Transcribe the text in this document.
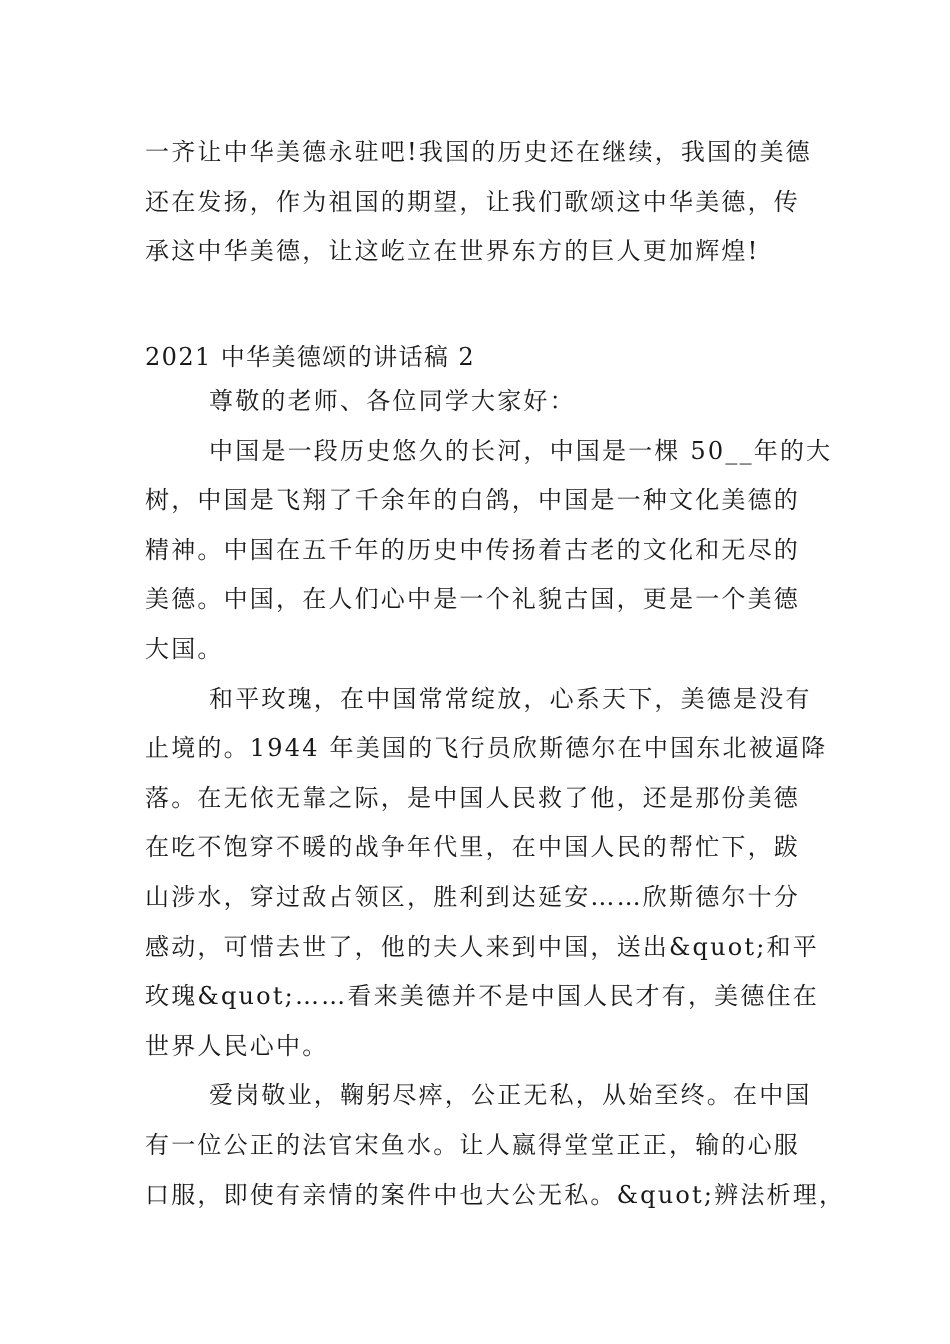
一齐让中华美德永驻吧!我国的历史还在继续，我国的美德
还在发扬，作为祖国的期望，让我们歌颂这中华美德，传
承这中华美德，让这屹立在世界东方的巨人更加辉煌!
2021 中华美德颂的讲话稿 2
尊敬的老师、各位同学大家好：
中国是一段历史悠久的长河，中国是一棵 50__年的大
树，中国是飞翔了千余年的白鸽，中国是一种文化美德的
精神。中国在五千年的历史中传扬着古老的文化和无尽的
美德。中国，在人们心中是一个礼貌古国，更是一个美德
大国。
和平玫瑰，在中国常常绽放，心系天下，美德是没有
止境的。1944 年美国的飞行员欣斯德尔在中国东北被逼降
落。在无依无靠之际，是中国人民救了他，还是那份美德
在吃不饱穿不暖的战争年代里，在中国人民的帮忙下，跋
山涉水，穿过敌占领区，胜利到达延安……欣斯德尔十分
感动，可惜去世了，他的夫人来到中国，送出&quot;和平
玫瑰&quot;……看来美德并不是中国人民才有，美德住在
世界人民心中。
爱岗敬业，鞠躬尽瘁，公正无私，从始至终。在中国
有一位公正的法官宋鱼水。让人嬴得堂堂正正，输的心服
口服，即使有亲情的案件中也大公无私。&quot;辨法析理，
